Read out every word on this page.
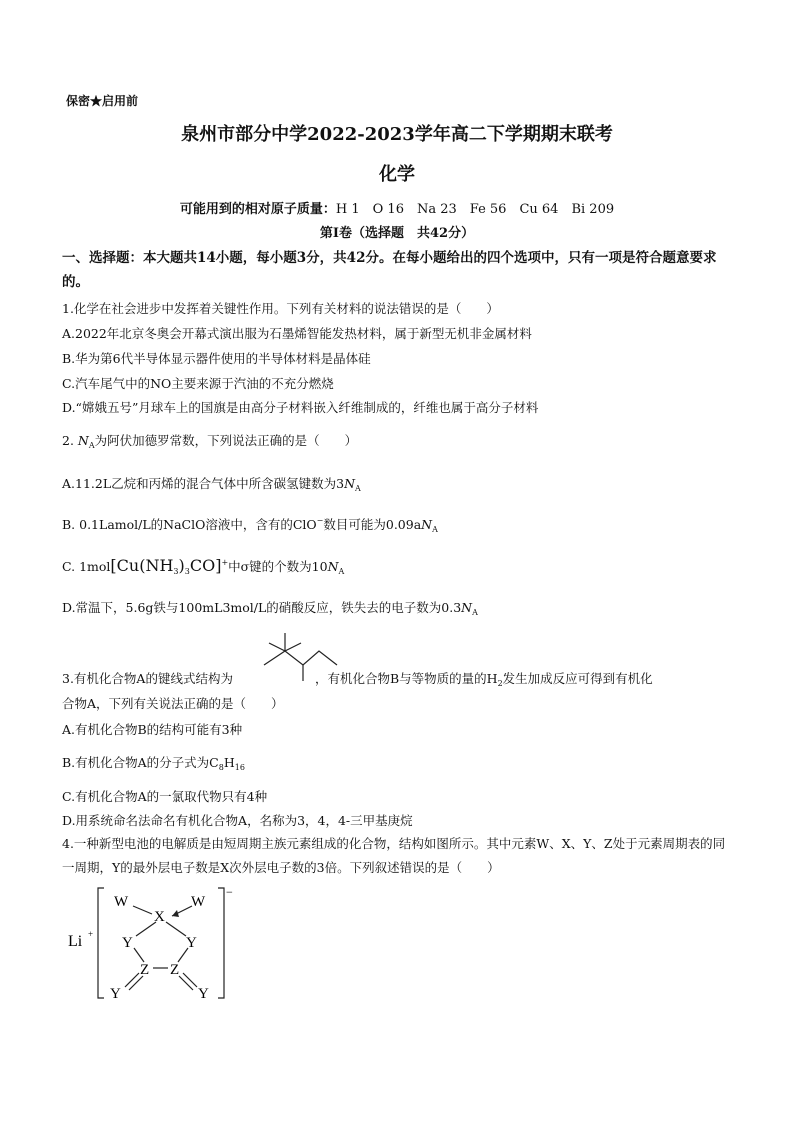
保密★启用前
泉州市部分中学2022-2023学年高二下学期期末联考
化学
可能用到的相对原子质量：H 1　O 16　Na 23　Fe 56　Cu 64　Bi 209
第Ⅰ卷（选择题　共42分）
一、选择题：本大题共14小题，每小题3分，共42分。在每小题给出的四个选项中，只有一项是符合题意要求的。
1.化学在社会进步中发挥着关键性作用。下列有关材料的说法错误的是（　　）
A.2022年北京冬奥会开幕式演出服为石墨烯智能发热材料，属于新型无机非金属材料
B.华为第6代半导体显示器件使用的半导体材料是晶体硅
C.汽车尾气中的NO主要来源于汽油的不充分燃烧
D.“嫦娥五号”月球车上的国旗是由高分子材料嵌入纤维制成的，纤维也属于高分子材料
2. $N_A$为阿伏加德罗常数，下列说法正确的是（　　）
A.11.2L乙烷和丙烯的混合气体中所含碳氢键数为$3N_A$
B. 0.1Lamol/L的NaClO溶液中，含有的ClO−数目可能为$0.09aN_A$
C. $1mol[Cu(NH_3)_3CO]^+$中σ键的个数为$10N_A$
D.常温下，5.6g铁与100mL3mol/L的硝酸反应，铁失去的电子数为$0.3N_A$
3.有机化合物A的键线式结构为	，有机化合物B与等物质的量的$H_2$发生加成反应可得到有机化
合物A，下列有关说法正确的是（　　）
A.有机化合物B的结构可能有3种
B.有机化合物A的分子式为$C_8H_{16}$
C.有机化合物A的一氯取代物只有4种
D.用系统命名法命名有机化合物A，名称为3，4，4-三甲基庚烷
4.一种新型电池的电解质是由短周期主族元素组成的化合物，结构如图所示。其中元素W、X、Y、Z处于元素周期表的同一周期，Y的最外层电子数是X次外层电子数的3倍。下列叙述错误的是（　　）
Li +
W
X
W
Y	Y
Z Z
Y	Y
−
